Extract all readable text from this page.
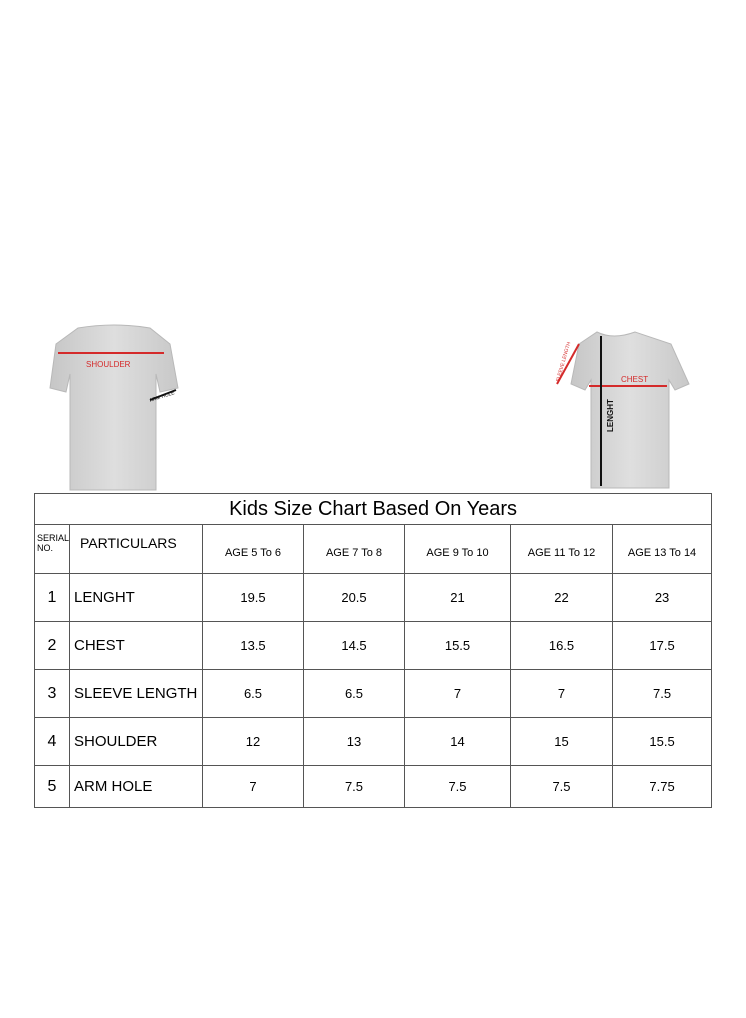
SHOULDER
ARM HOLE
SLEEVE LENGTH	CHEST
LENGHT
Kids Size Chart Based On Years						
SERIAL NO.	PARTICULARS	AGE 5 To 6	AGE 7 To 8	AGE 9 To 10	AGE 11 To 12	AGE 13 To 14
1	LENGHT	19.5	20.5	21	22	23
2	CHEST	13.5	14.5	15.5	16.5	17.5
3	SLEEVE LENGTH	6.5	6.5	7	7	7.5
4	SHOULDER	12	13	14	15	15.5
5	ARM HOLE	7	7.5	7.5	7.5	7.75
